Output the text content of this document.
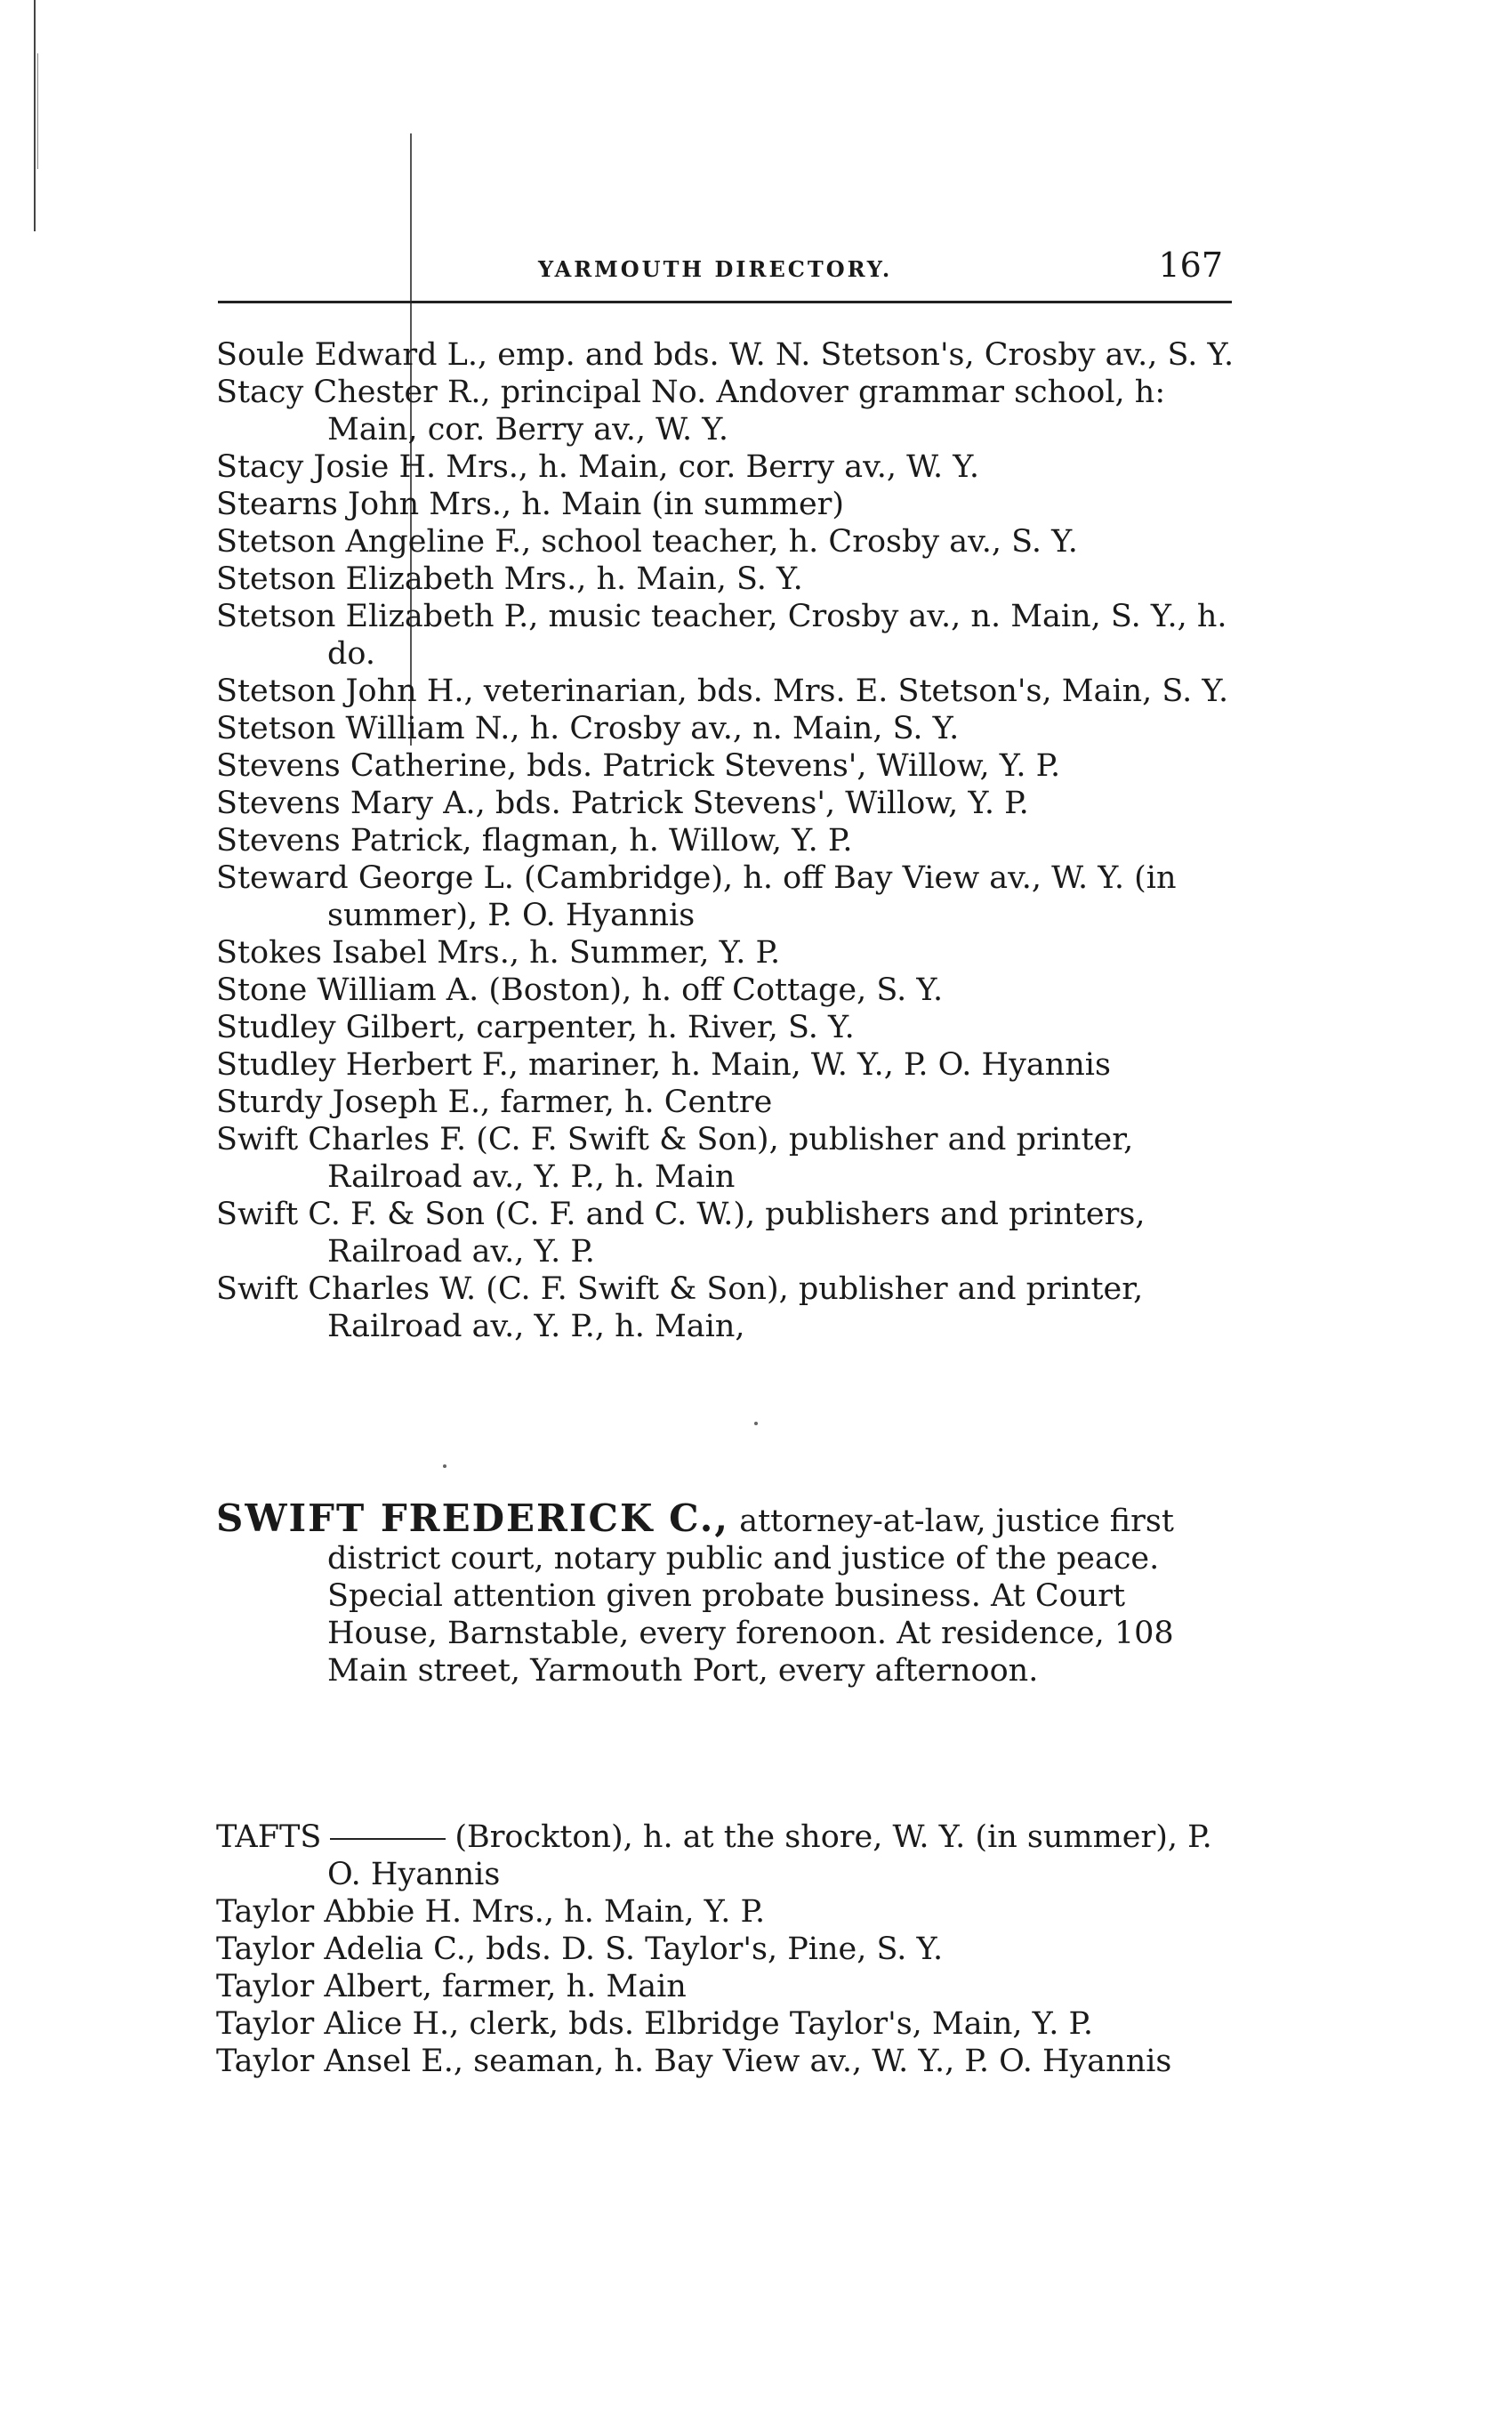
YARMOUTH DIRECTORY.	167

Soule Edward L., emp. and bds. W. N. Stetson's, Crosby av., S. Y.

Stacy Chester R., principal No. Andover grammar school, h: Main, cor. Berry av., W. Y.

Stacy Josie H. Mrs., h. Main, cor. Berry av., W. Y.

Stearns John Mrs., h. Main (in summer)

Stetson Angeline F., school teacher, h. Crosby av., S. Y.

Stetson Elizabeth Mrs., h. Main, S. Y.

Stetson Elizabeth P., music teacher, Crosby av., n. Main, S. Y., h. do.

Stetson John H., veterinarian, bds. Mrs. E. Stetson's, Main, S. Y.

Stetson William N., h. Crosby av., n. Main, S. Y.

Stevens Catherine, bds. Patrick Stevens', Willow, Y. P.

Stevens Mary A., bds. Patrick Stevens', Willow, Y. P.

Stevens Patrick, flagman, h. Willow, Y. P.

Steward George L. (Cambridge), h. off Bay View av., W. Y. (in summer), P. O. Hyannis

Stokes Isabel Mrs., h. Summer, Y. P.

Stone William A. (Boston), h. off Cottage, S. Y.

Studley Gilbert, carpenter, h. River, S. Y.

Studley Herbert F., mariner, h. Main, W. Y., P. O. Hyannis

Sturdy Joseph E., farmer, h. Centre

Swift Charles F. (C. F. Swift & Son), publisher and printer, Railroad av., Y. P., h. Main

Swift C. F. & Son (C. F. and C. W.), publishers and printers, Railroad av., Y. P.

Swift Charles W. (C. F. Swift & Son), publisher and printer, Railroad av., Y. P., h. Main,

SWIFT FREDERICK C., attorney-at-law, justice first district court, notary public and justice of the peace. Special attention given probate business. At Court House, Barnstable, every forenoon. At residence, 108 Main street, Yarmouth Port, every afternoon.

TAFTS	(Brockton), h. at the shore, W. Y. (in summer), P. O. Hyannis

Taylor Abbie H. Mrs., h. Main, Y. P.

Taylor Adelia C., bds. D. S. Taylor's, Pine, S. Y.

Taylor Albert, farmer, h. Main

Taylor Alice H., clerk, bds. Elbridge Taylor's, Main, Y. P.

Taylor Ansel E., seaman, h. Bay View av., W. Y., P. O. Hyannis
